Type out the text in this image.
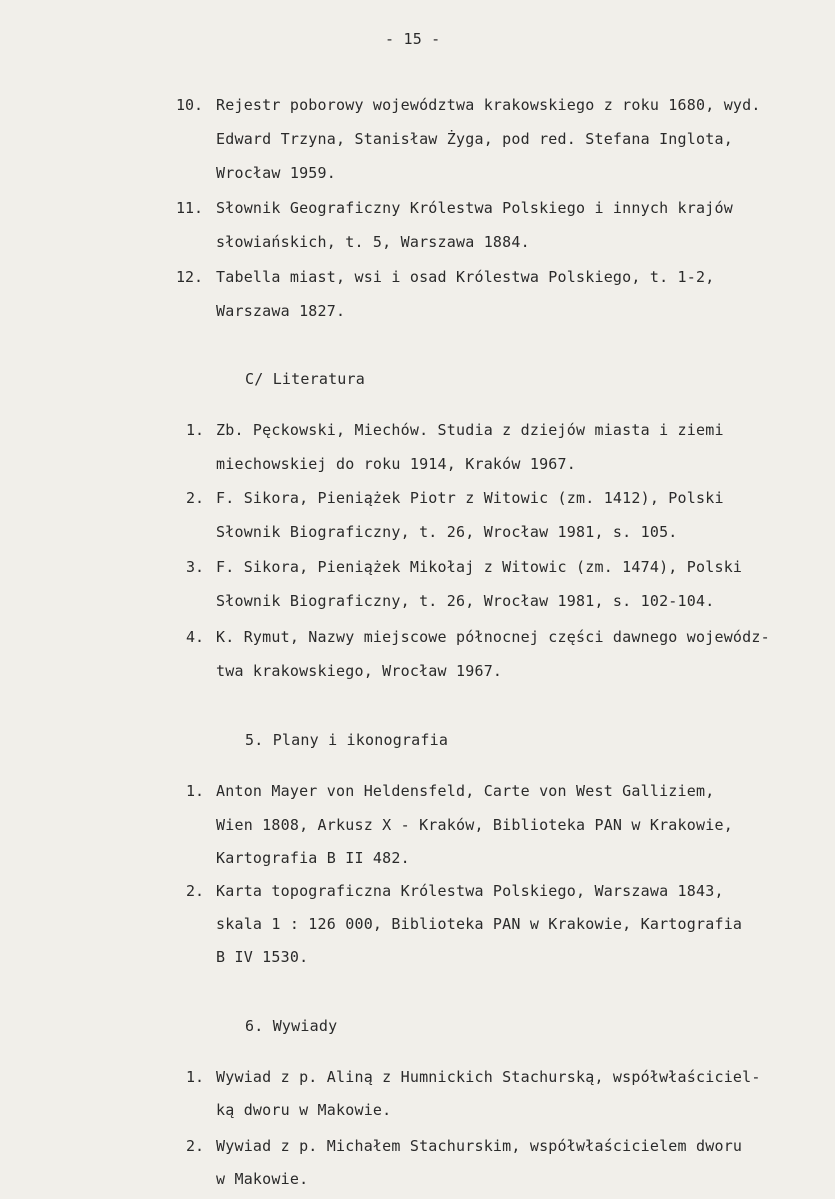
- 15 -
10. Rejestr poborowy województwa krakowskiego z roku 1680, wyd.
Edward Trzyna, Stanisław Żyga, pod red. Stefana Inglota,
Wrocław 1959.
11. Słownik Geograficzny Królestwa Polskiego i innych krajów
słowiańskich, t. 5, Warszawa 1884.
12. Tabella miast, wsi i osad Królestwa Polskiego, t. 1-2,
Warszawa 1827.
C/ Literatura
1. Zb. Pęckowski, Miechów. Studia z dziejów miasta i ziemi
miechowskiej do roku 1914, Kraków 1967.
2. F. Sikora, Pieniążek Piotr z Witowic (zm. 1412), Polski
Słownik Biograficzny, t. 26, Wrocław 1981, s. 105.
3. F. Sikora, Pieniążek Mikołaj z Witowic (zm. 1474), Polski
Słownik Biograficzny, t. 26, Wrocław 1981, s. 102-104.
4. K. Rymut, Nazwy miejscowe północnej części dawnego wojewódz-
twa krakowskiego, Wrocław 1967.
5. Plany i ikonografia
1. Anton Mayer von Heldensfeld, Carte von West Galliziem,
Wien 1808, Arkusz X - Kraków, Biblioteka PAN w Krakowie,
Kartografia B II 482.
2. Karta topograficzna Królestwa Polskiego, Warszawa 1843,
skala 1 : 126 000, Biblioteka PAN w Krakowie, Kartografia
B IV 1530.
6. Wywiady
1. Wywiad z p. Aliną z Humnickich Stachurską, współwłaściciel-
ką dworu w Makowie.
2. Wywiad z p. Michałem Stachurskim, współwłaścicielem dworu
w Makowie.
